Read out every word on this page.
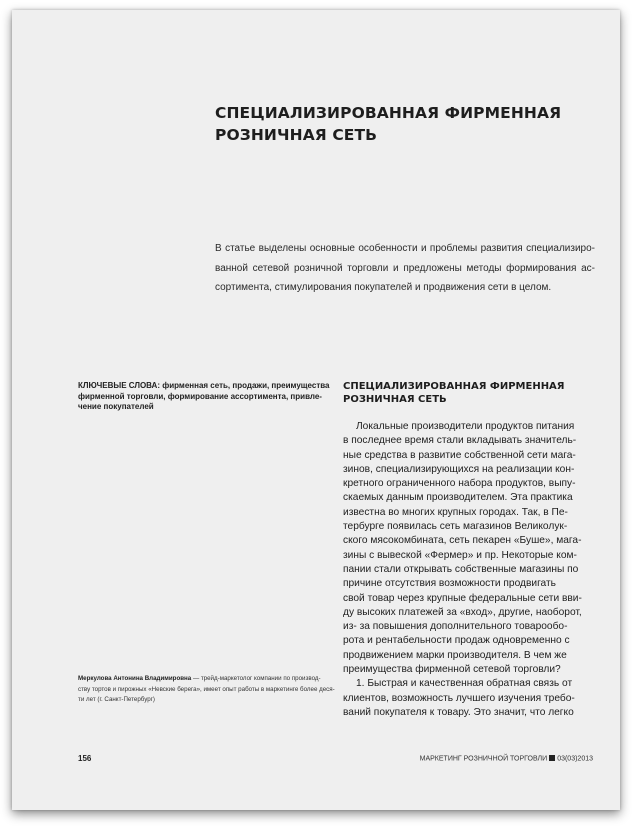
СПЕЦИАЛИЗИРОВАННАЯ ФИРМЕННАЯ
РОЗНИЧНАЯ СЕТЬ
В статье выделены основные особенности и проблемы развития специализиро-
ванной сетевой розничной торговли и предложены методы формирования ас-
сортимента, стимулирования покупателей и продвижения сети в целом.
КЛЮЧЕВЫЕ СЛОВА: фирменная сеть, продажи, преимущества
фирменной торговли, формирование ассортимента, привле-
чение покупателей
СПЕЦИАЛИЗИРОВАННАЯ ФИРМЕННАЯ
РОЗНИЧНАЯ СЕТЬ
Локальные производители продуктов питания
в последнее время стали вкладывать значитель-
ные средства в развитие собственной сети мага-
зинов, специализирующихся на реализации кон-
кретного ограниченного набора продуктов, выпу-
скаемых данным производителем. Эта практика
известна во многих крупных городах. Так, в Пе-
тербурге появилась сеть магазинов Великолук-
ского мясокомбината, сеть пекарен «Буше», мага-
зины с вывеской «Фермер» и пр. Некоторые ком-
пании стали открывать собственные магазины по
причине отсутствия возможности продвигать
свой товар через крупные федеральные сети вви-
ду высоких платежей за «вход», другие, наоборот,
из- за повышения дополнительного товарообо-
рота и рентабельности продаж одновременно с
продвижением марки производителя. В чем же
преимущества фирменной сетевой торговли?
1. Быстрая и качественная обратная связь от
клиентов, возможность лучшего изучения требо-
ваний покупателя к товару. Это значит, что легко
Меркулова Антонина Владимировна — трейд-маркетолог компании по производ-
ству тортов и пирожных «Невские берега», имеет опыт работы в маркетинге более деся-
ти лет (г. Санкт-Петербург)
156	МАРКЕТИНГ РОЗНИЧНОЙ ТОРГОВЛИ 03(03)2013
